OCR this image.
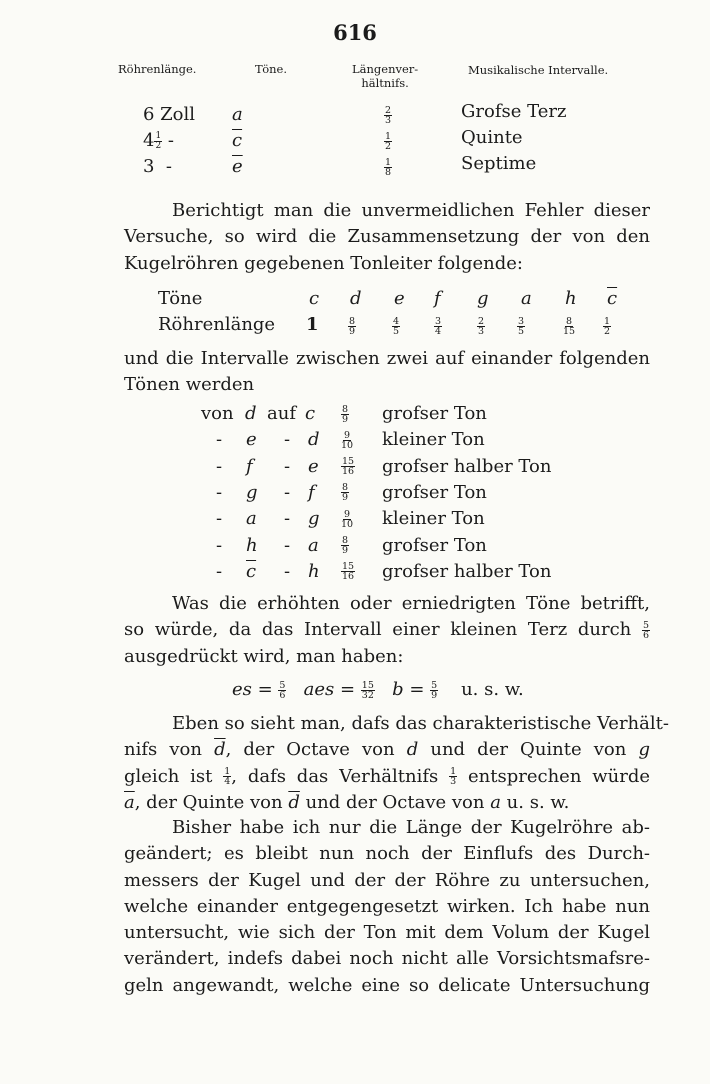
616
Röhrenlänge.	Töne.	Längenver-
hältnifs.
Musikalische Intervalle.
6 Zoll a	$\frac{2}{3}$	Grofse Terz
$4 \frac{1}{2}$ -	$\overline{c}$	$\frac{1}{2}$	Quinte
3  -	$\overline{e}$	$\frac{1}{8}$	Septime
Berichtigt man die unvermeidlichen Fehler dieser
Versuche, so wird die Zusammensetzung der von den
Kugelröhren gegebenen Tonleiter folgende:
Töne	c d e f g a h $\overline{c}$
Röhrenlänge 1	$\frac{8}{9}$	$\frac{4}{5}$	$\frac{3}{4}$	$\frac{2}{3}$	$\frac{3}{5}$	$\frac{8}{15}$	$\frac{1}{2}$
und die Intervalle zwischen zwei auf einander folgenden
Tönen werden
von d auf c	$\frac{8}{9}$ grofser Ton
- e - d $\frac{9}{10}$ kleiner Ton
- f - e $\frac{15}{16}$ grofser halber Ton
- g - f	$\frac{8}{9}$ grofser Ton
- a - g $\frac{9}{10}$ kleiner Ton
- h - a $\frac{8}{9}$ grofser Ton
- $\overline{c}$ - h $\frac{15}{16}$ grofser halber Ton
Was die erhöhten oder erniedrigten Töne betrifft,
so würde, da das Intervall einer kleinen Terz durch $\frac{5}{6}$
ausgedrückt wird, man haben:
es = $\frac{5}{6}$ aes = $\frac{15}{32}$ $b = \frac{5}{9} u$. s. w.
Eben so sieht man, dafs das charakteristische Verhält-
nifs von $\overline{d}$, der Octave von d und der Quinte von g
gleich ist $\frac{1}{4}$ , dafs das Verhältnifs $\frac{1}{3}$ entsprechen würde
$\overline{a}$, der Quinte von $\overline{d}$ und der Octave von a u. s. w.
Bisher habe ich nur die Länge der Kugelröhre ab-
geändert; es bleibt nun noch der Einflufs des Durch-
messers der Kugel und der der Röhre zu untersuchen,
welche einander entgegengesetzt wirken. Ich habe nun
untersucht, wie sich der Ton mit dem Volum der Kugel
verändert, indefs dabei noch nicht alle Vorsichtsmafsre-
geln angewandt, welche eine so delicate Untersuchung
